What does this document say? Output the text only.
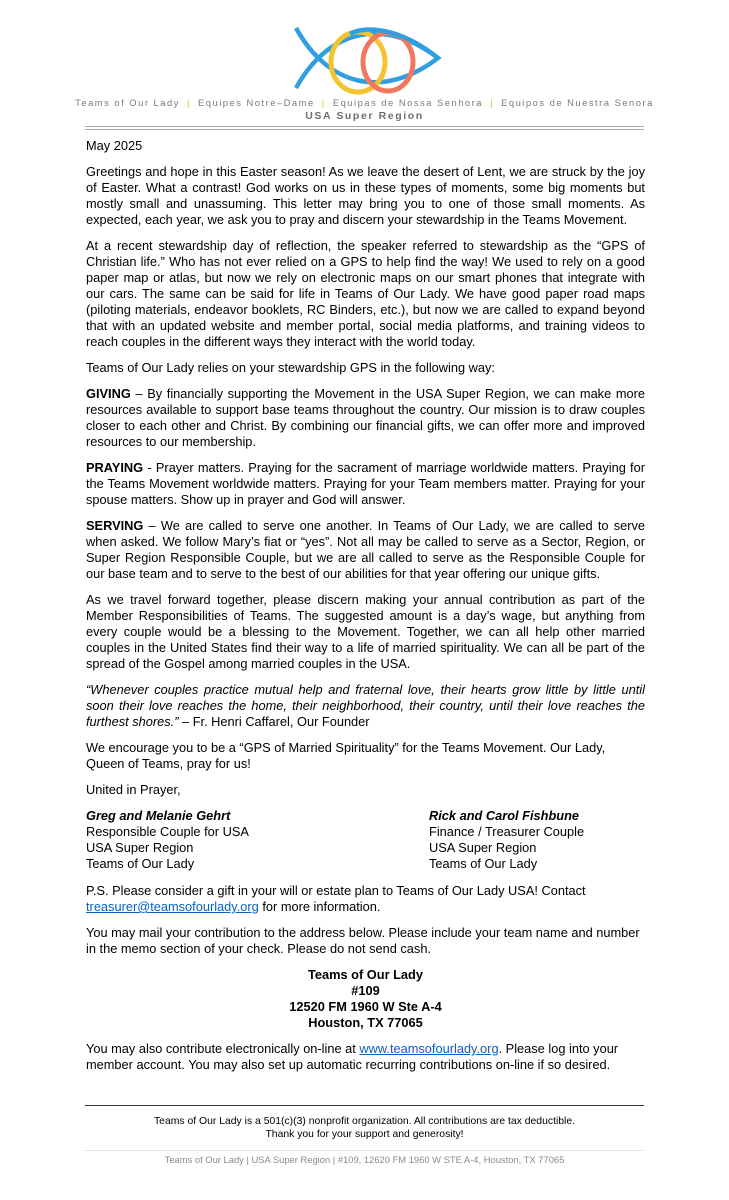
Teams of Our Lady | Equipes Notre–Dame | Equipas de Nossa Senhora | Equipos de Nuestra Senora
USA Super Region

May 2025

Greetings and hope in this Easter season! As we leave the desert of Lent, we are struck by the joy of Easter. What a contrast! God works on us in these types of moments, some big moments but mostly small and unassuming. This letter may bring you to one of those small moments. As expected, each year, we ask you to pray and discern your stewardship in the Teams Movement.

At a recent stewardship day of reflection, the speaker referred to stewardship as the “GPS of Christian life.” Who has not ever relied on a GPS to help find the way! We used to rely on a good paper map or atlas, but now we rely on electronic maps on our smart phones that integrate with our cars. The same can be said for life in Teams of Our Lady. We have good paper road maps (piloting materials, endeavor booklets, RC Binders, etc.), but now we are called to expand beyond that with an updated website and member portal, social media platforms, and training videos to reach couples in the different ways they interact with the world today.

Teams of Our Lady relies on your stewardship GPS in the following way:

GIVING – By financially supporting the Movement in the USA Super Region, we can make more resources available to support base teams throughout the country. Our mission is to draw couples closer to each other and Christ. By combining our financial gifts, we can offer more and improved resources to our membership.

PRAYING - Prayer matters. Praying for the sacrament of marriage worldwide matters. Praying for the Teams Movement worldwide matters. Praying for your Team members matter. Praying for your spouse matters. Show up in prayer and God will answer.

SERVING – We are called to serve one another. In Teams of Our Lady, we are called to serve when asked. We follow Mary’s fiat or “yes”. Not all may be called to serve as a Sector, Region, or Super Region Responsible Couple, but we are all called to serve as the Responsible Couple for our base team and to serve to the best of our abilities for that year offering our unique gifts.

As we travel forward together, please discern making your annual contribution as part of the Member Responsibilities of Teams. The suggested amount is a day’s wage, but anything from every couple would be a blessing to the Movement. Together, we can all help other married couples in the United States find their way to a life of married spirituality. We can all be part of the spread of the Gospel among married couples in the USA.

“Whenever couples practice mutual help and fraternal love, their hearts grow little by little until soon their love reaches the home, their neighborhood, their country, until their love reaches the furthest shores.” – Fr. Henri Caffarel, Our Founder

We encourage you to be a “GPS of Married Spirituality” for the Teams Movement. Our Lady, Queen of Teams, pray for us!

United in Prayer,

Greg and Melanie Gehrt
Responsible Couple for USA
USA Super Region
Teams of Our Lady
Rick and Carol Fishbune
Finance / Treasurer Couple
USA Super Region
Teams of Our Lady

P.S. Please consider a gift in your will or estate plan to Teams of Our Lady USA! Contact treasurer@teamsofourlady.org for more information.

You may mail your contribution to the address below. Please include your team name and number in the memo section of your check. Please do not send cash.

Teams of Our Lady
#109
12520 FM 1960 W Ste A-4
Houston, TX 77065

You may also contribute electronically on-line at www.teamsofourlady.org. Please log into your member account. You may also set up automatic recurring contributions on-line if so desired.

Teams of Our Lady is a 501(c)(3) nonprofit organization. All contributions are tax deductible.
Thank you for your support and generosity!
Teams of Our Lady | USA Super Region | #109, 12620 FM 1960 W STE A-4, Houston, TX 77065
